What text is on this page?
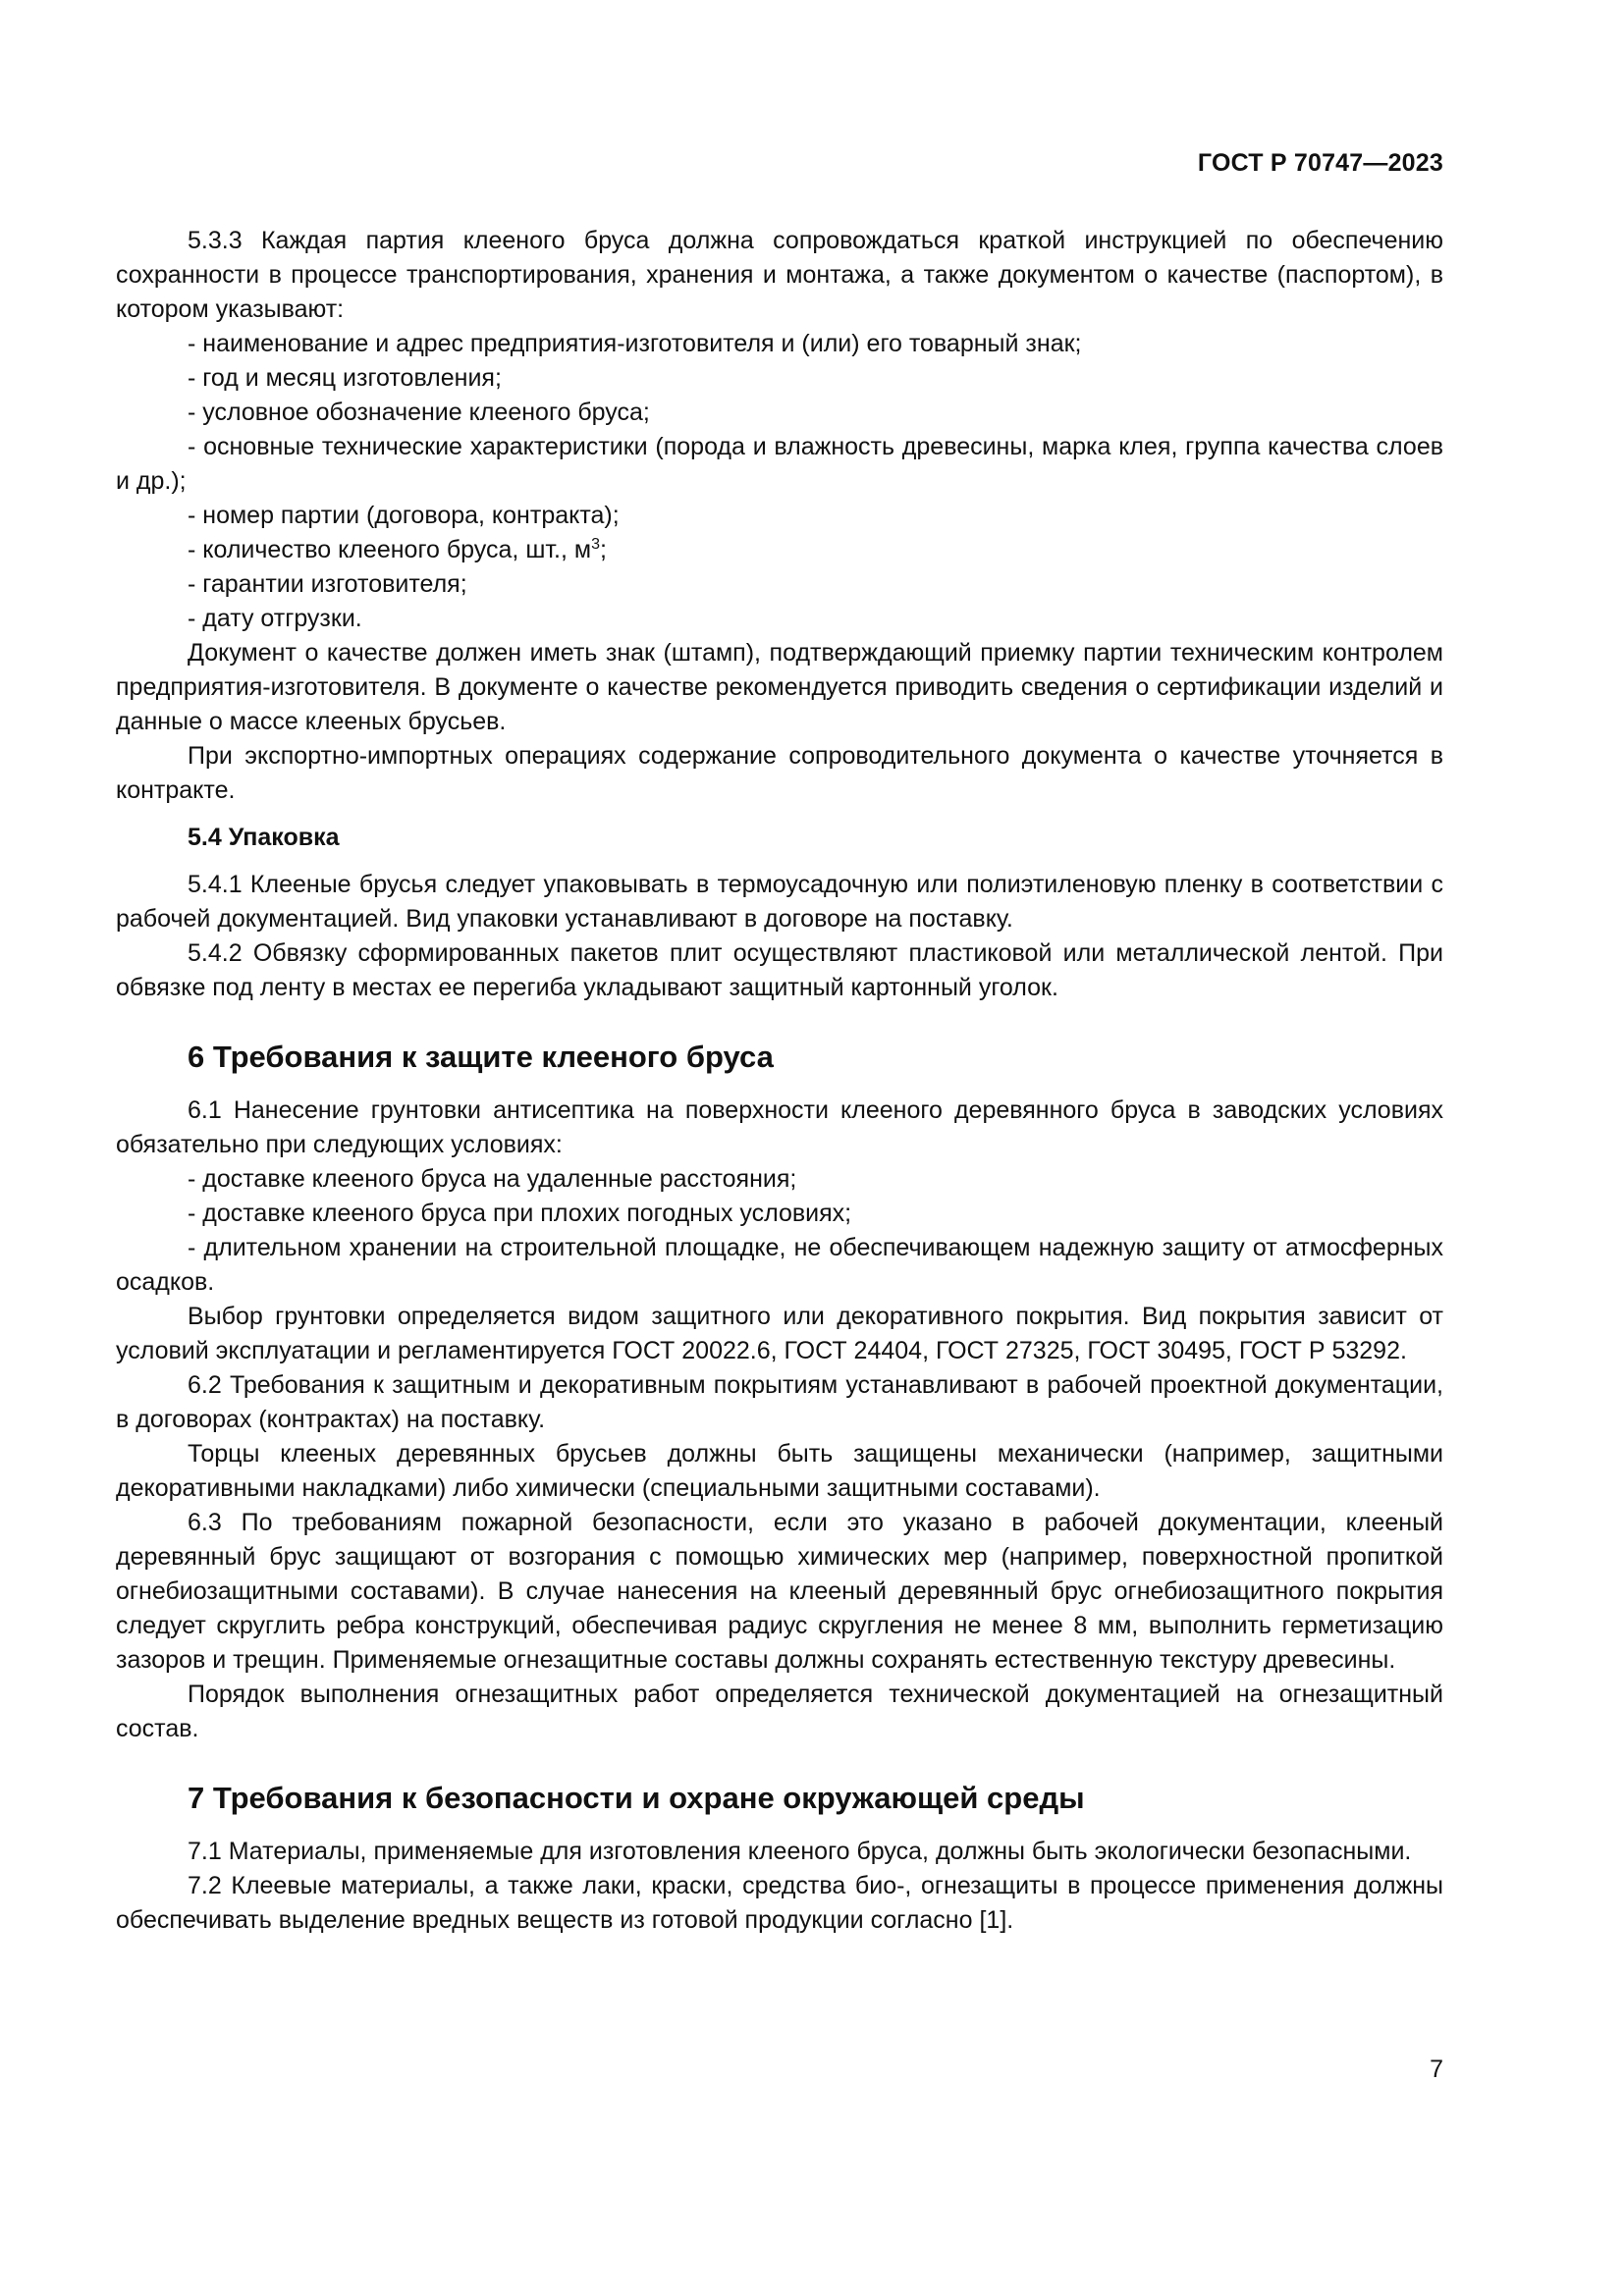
ГОСТ Р 70747—2023

5.3.3 Каждая партия клееного бруса должна сопровождаться краткой инструкцией по обеспечению сохранности в процессе транспортирования, хранения и монтажа, а также документом о качестве (паспортом), в котором указывают:

- наименование и адрес предприятия-изготовителя и (или) его товарный знак;

- год и месяц изготовления;

- условное обозначение клееного бруса;

- основные технические характеристики (порода и влажность древесины, марка клея, группа качества слоев и др.);

- номер партии (договора, контракта);

- количество клееного бруса, шт., $м^3$;

- гарантии изготовителя;

- дату отгрузки.

Документ о качестве должен иметь знак (штамп), подтверждающий приемку партии техническим контролем предприятия-изготовителя. В документе о качестве рекомендуется приводить сведения о сертификации изделий и данные о массе клееных брусьев.

При экспортно-импортных операциях содержание сопроводительного документа о качестве уточняется в контракте.

5.4 Упаковка

5.4.1 Клееные брусья следует упаковывать в термоусадочную или полиэтиленовую пленку в соответствии с рабочей документацией. Вид упаковки устанавливают в договоре на поставку.

5.4.2 Обвязку сформированных пакетов плит осуществляют пластиковой или металлической лентой. При обвязке под ленту в местах ее перегиба укладывают защитный картонный уголок.

6 Требования к защите клееного бруса

6.1 Нанесение грунтовки антисептика на поверхности клееного деревянного бруса в заводских условиях обязательно при следующих условиях:

- доставке клееного бруса на удаленные расстояния;

- доставке клееного бруса при плохих погодных условиях;

- длительном хранении на строительной площадке, не обеспечивающем надежную защиту от атмосферных осадков.

Выбор грунтовки определяется видом защитного или декоративного покрытия. Вид покрытия зависит от условий эксплуатации и регламентируется ГОСТ 20022.6, ГОСТ 24404, ГОСТ 27325, ГОСТ 30495, ГОСТ Р 53292.

6.2 Требования к защитным и декоративным покрытиям устанавливают в рабочей проектной документации, в договорах (контрактах) на поставку.

Торцы клееных деревянных брусьев должны быть защищены механически (например, защитными декоративными накладками) либо химически (специальными защитными составами).

6.3 По требованиям пожарной безопасности, если это указано в рабочей документации, клееный деревянный брус защищают от возгорания с помощью химических мер (например, поверхностной пропиткой огнебиозащитными составами). В случае нанесения на клееный деревянный брус огнебиозащитного покрытия следует скруглить ребра конструкций, обеспечивая радиус скругления не менее 8 мм, выполнить герметизацию зазоров и трещин. Применяемые огнезащитные составы должны сохранять естественную текстуру древесины.

Порядок выполнения огнезащитных работ определяется технической документацией на огнезащитный состав.

7 Требования к безопасности и охране окружающей среды

7.1 Материалы, применяемые для изготовления клееного бруса, должны быть экологически безопасными.

7.2 Клеевые материалы, а также лаки, краски, средства био-, огнезащиты в процессе применения должны обеспечивать выделение вредных веществ из готовой продукции согласно [1].

7
